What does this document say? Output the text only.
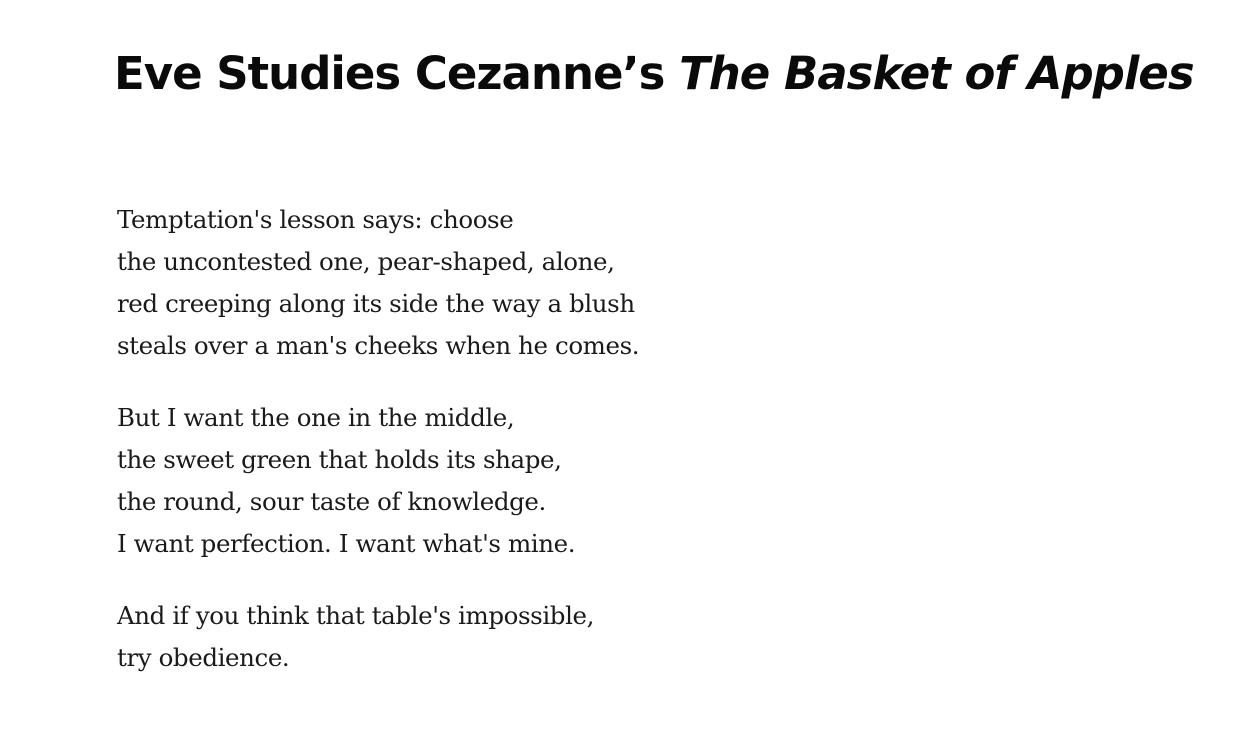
Eve Studies Cezanne’s The Basket of Apples
Temptation's lesson says: choose
the uncontested one, pear-shaped, alone,
red creeping along its side the way a blush
steals over a man's cheeks when he comes.
But I want the one in the middle,
the sweet green that holds its shape,
the round, sour taste of knowledge.
I want perfection. I want what's mine.
And if you think that table's impossible,
try obedience.
